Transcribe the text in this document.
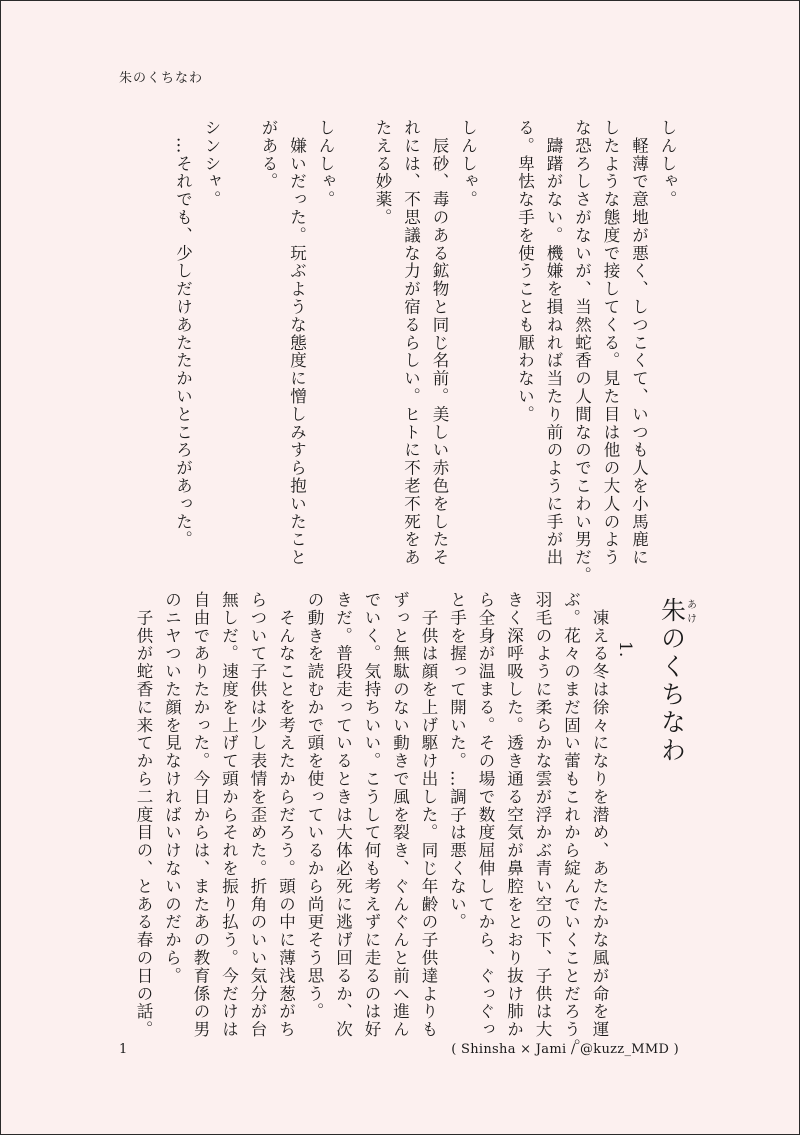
朱のくちなわ
しんしゃ。
　軽薄で意地が悪く、しつこくて、いつも人を小馬鹿に
したような態度で接してくる。見た目は他の大人のよう
な恐ろしさがないが、当然蛇香の人間なのでこわい男だ。
　躊躇がない。機嫌を損ねれば当たり前のように手が出
る。卑怯な手を使うことも厭わない。

しんしゃ。
　辰砂、毒のある鉱物と同じ名前。美しい赤色をしたそ
れには、不思議な力が宿るらしい。ヒトに不老不死をあ
たえる妙薬。

しんしゃ。
　嫌いだった。玩ぶような態度に憎しみすら抱いたこと
がある。

シンシャ。
　…それでも、少しだけあたたかいところがあった。
朱あけのくちなわ
1.
　凍える冬は徐々になりを潜め、あたたかな風が命を運
ぶ。花々のまだ固い蕾もこれから綻んでいくことだろう。
羽毛のように柔らかな雲が浮かぶ青い空の下、子供は大
きく深呼吸した。透き通る空気が鼻腔をとおり抜け肺か
ら全身が温まる。その場で数度屈伸してから、ぐっぐっ
と手を握って開いた。…調子は悪くない。
　子供は顔を上げ駆け出した。同じ年齢の子供達よりも
ずっと無駄のない動きで風を裂き、ぐんぐんと前へ進ん
でいく。気持ちいい。こうして何も考えずに走るのは好
きだ。普段走っているときは大体必死に逃げ回るか、次
の動きを読むかで頭を使っているから尚更そう思う。
　そんなことを考えたからだろう。頭の中に薄浅葱がち
らついて子供は少し表情を歪めた。折角のいい気分が台
無しだ。速度を上げて頭からそれを振り払う。今だけは
自由でありたかった。今日からは、またあの教育係の男
のニヤついた顔を見なければいけないのだから。
　子供が蛇香に来てから二度目の、とある春の日の話。
1	( Shinsha × Jami / @kuzz_MMD )
